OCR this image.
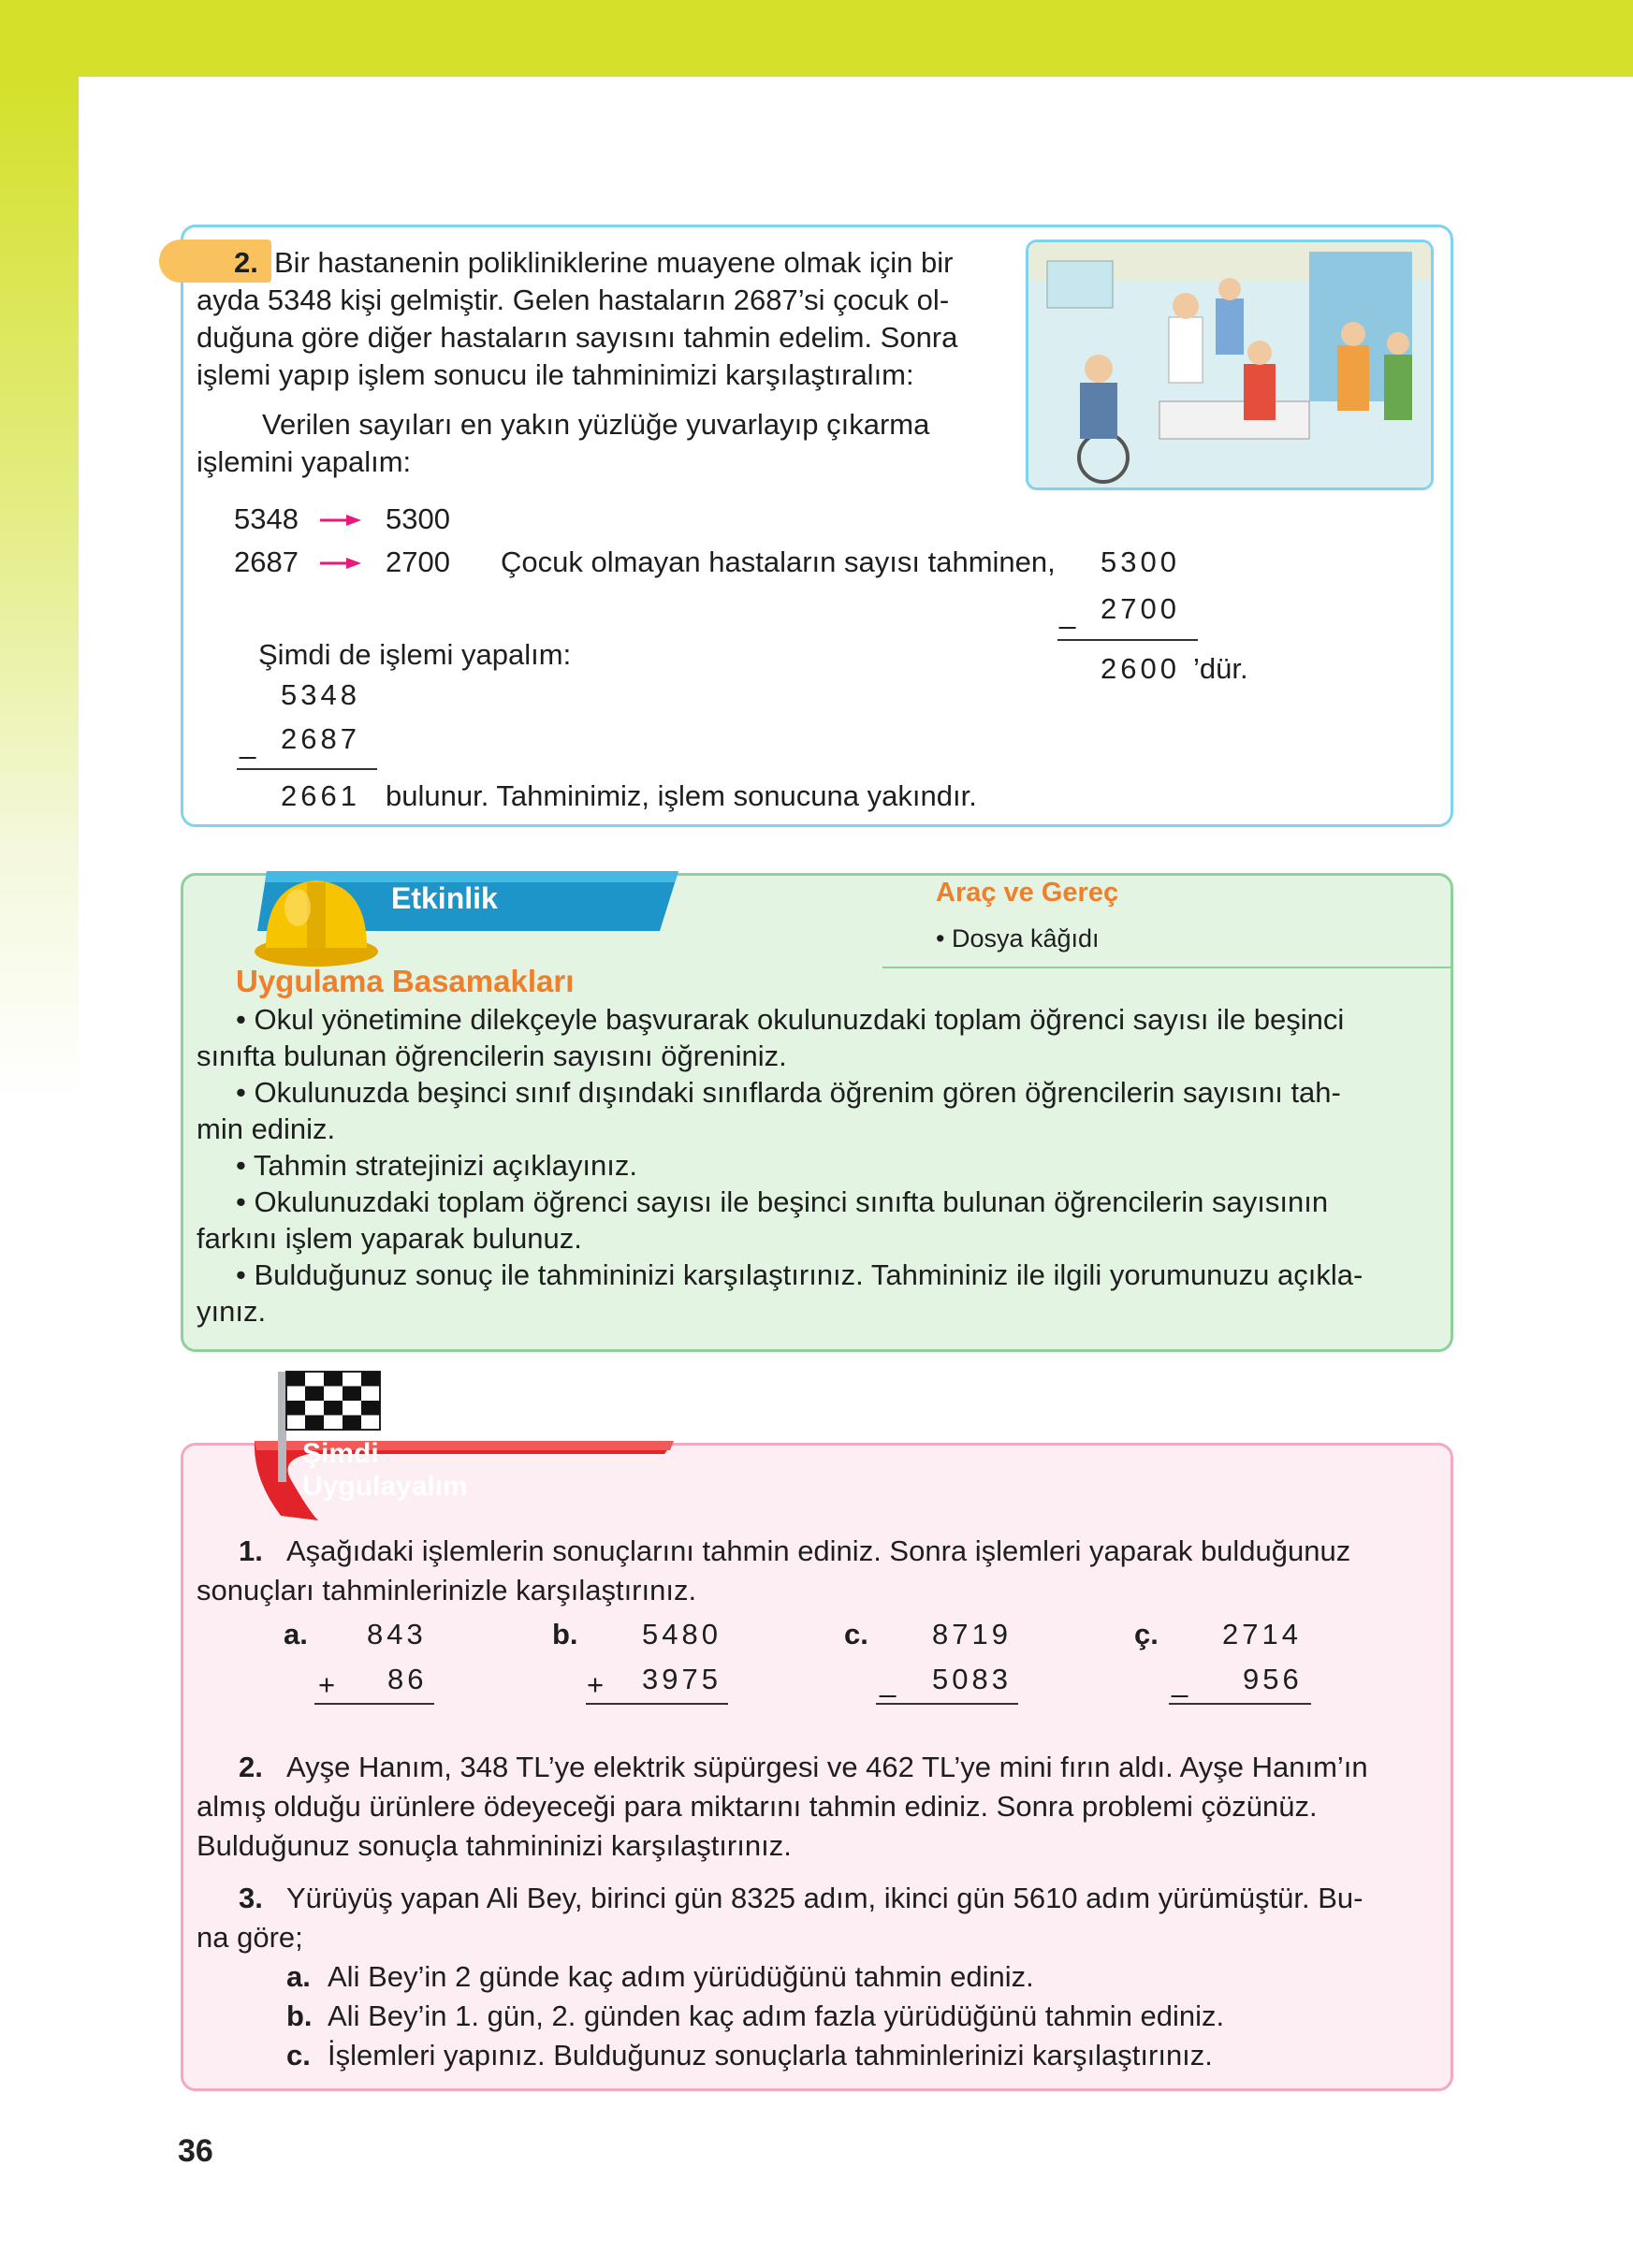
2. Bir hastanenin polikliniklerine muayene olmak için bir
ayda 5348 kişi gelmiştir. Gelen hastaların 2687’si çocuk ol-
duğuna göre diğer hastaların sayısını tahmin edelim. Sonra
işlemi yapıp işlem sonucu ile tahminimizi karşılaştıralım:
Verilen sayıları en yakın yüzlüğe yuvarlayıp çıkarma
işlemini yapalım:
5348	5300
2687	2700 Çocuk olmayan hastaların sayısı tahminen, 5300
_ 2700
2600 ’dür.
Şimdi de işlemi yapalım:
5348
_ 2687
2661 bulunur. Tahminimiz, işlem sonucuna yakındır.
Etkinlik	Araç ve Gereç
• Dosya kâğıdı
Uygulama Basamakları
• Okul yönetimine dilekçeyle başvurarak okulunuzdaki toplam öğrenci sayısı ile beşinci
sınıfta bulunan öğrencilerin sayısını öğreniniz.
• Okulunuzda beşinci sınıf dışındaki sınıflarda öğrenim gören öğrencilerin sayısını tah-
min ediniz.
• Tahmin stratejinizi açıklayınız.
• Okulunuzdaki toplam öğrenci sayısı ile beşinci sınıfta bulunan öğrencilerin sayısının
farkını işlem yaparak bulunuz.
• Bulduğunuz sonuç ile tahmininizi karşılaştırınız. Tahmininiz ile ilgili yorumunuzu açıkla-
yınız.
Şimdi
Uygulayalım
1. Aşağıdaki işlemlerin sonuçlarını tahmin ediniz. Sonra işlemleri yaparak bulduğunuz
sonuçları tahminlerinizle karşılaştırınız.
a. 843
+ 86
b. 5480
+ 3975
c. 8719
_ 5083
ç. 2714
_ 956
2. Ayşe Hanım, 348 TL’ye elektrik süpürgesi ve 462 TL’ye mini fırın aldı. Ayşe Hanım’ın
almış olduğu ürünlere ödeyeceği para miktarını tahmin ediniz. Sonra problemi çözünüz.
Bulduğunuz sonuçla tahmininizi karşılaştırınız.
3. Yürüyüş yapan Ali Bey, birinci gün 8325 adım, ikinci gün 5610 adım yürümüştür. Bu-
na göre;
a. Ali Bey’in 2 günde kaç adım yürüdüğünü tahmin ediniz.
b. Ali Bey’in 1. gün, 2. günden kaç adım fazla yürüdüğünü tahmin ediniz.
c. İşlemleri yapınız. Bulduğunuz sonuçlarla tahminlerinizi karşılaştırınız.
36
